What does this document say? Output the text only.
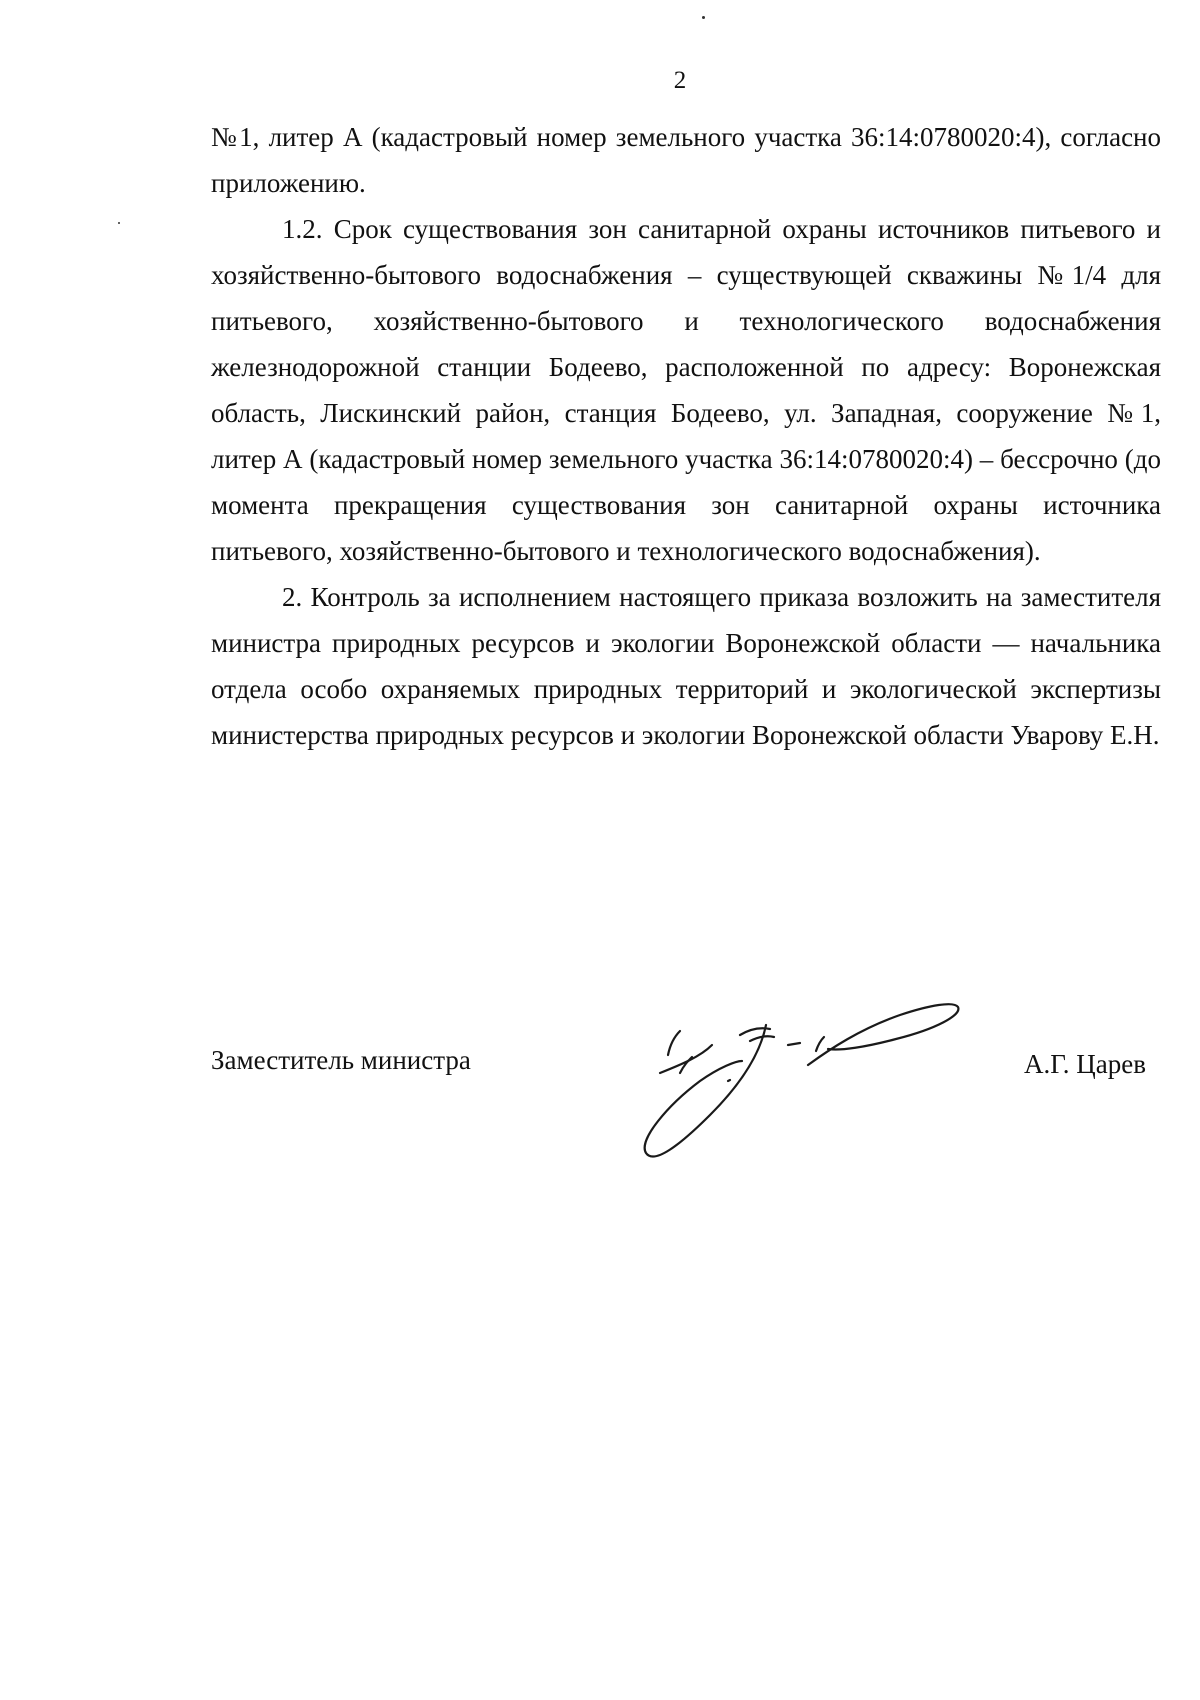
2

№1, литер А (кадастровый номер земельного участка 36:14:0780020:4), согласно приложению.

1.2. Срок существования зон санитарной охраны источников питьевого и хозяйственно-бытового водоснабжения – существующей скважины №1/4 для питьевого, хозяйственно-бытового и технологического водоснабжения железнодорожной станции Бодеево, расположенной по адресу: Воронежская область, Лискинский район, станция Бодеево, ул. Западная, сооружение №1, литер А (кадастровый номер земельного участка 36:14:0780020:4) – бессрочно (до момента прекращения существования зон санитарной охраны источника питьевого, хозяйственно-бытового и технологического водоснабжения).

2. Контроль за исполнением настоящего приказа возложить на заместителя министра природных ресурсов и экологии Воронежской области — начальника отдела особо охраняемых природных территорий и экологической экспертизы министерства природных ресурсов и экологии Воронежской области Уварову Е.Н.

Заместитель министра	А.Г. Царев
